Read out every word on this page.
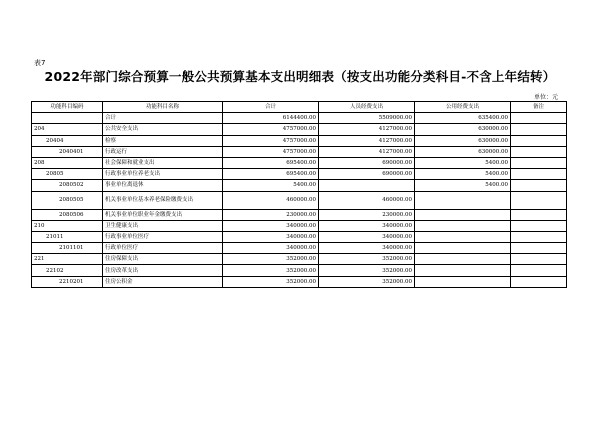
表7
2022年部门综合预算一般公共预算基本支出明细表（按支出功能分类科目-不含上年结转）
单位：元
功能科目编码	功能科目名称	合计	人员经费支出	公用经费支出	备注
	合计	6144400.00	5509000.00	635400.00	
204	公共安全支出	4757000.00	4127000.00	630000.00	
20404	检察	4757000.00	4127000.00	630000.00	
2040401	行政运行	4757000.00	4127000.00	630000.00	
208	社会保障和就业支出	695400.00	690000.00	5400.00	
20805	行政事业单位养老支出	695400.00	690000.00	5400.00	
2080502	事业单位离退休	5400.00		5400.00	
2080505	机关事业单位基本养老保险缴费支出	460000.00	460000.00		
2080506	机关事业单位职业年金缴费支出	230000.00	230000.00		
210	卫生健康支出	340000.00	340000.00		
21011	行政事业单位医疗	340000.00	340000.00		
2101101	行政单位医疗	340000.00	340000.00		
221	住房保障支出	352000.00	352000.00		
22102	住房改革支出	352000.00	352000.00		
2210201	住房公积金	352000.00	352000.00		
